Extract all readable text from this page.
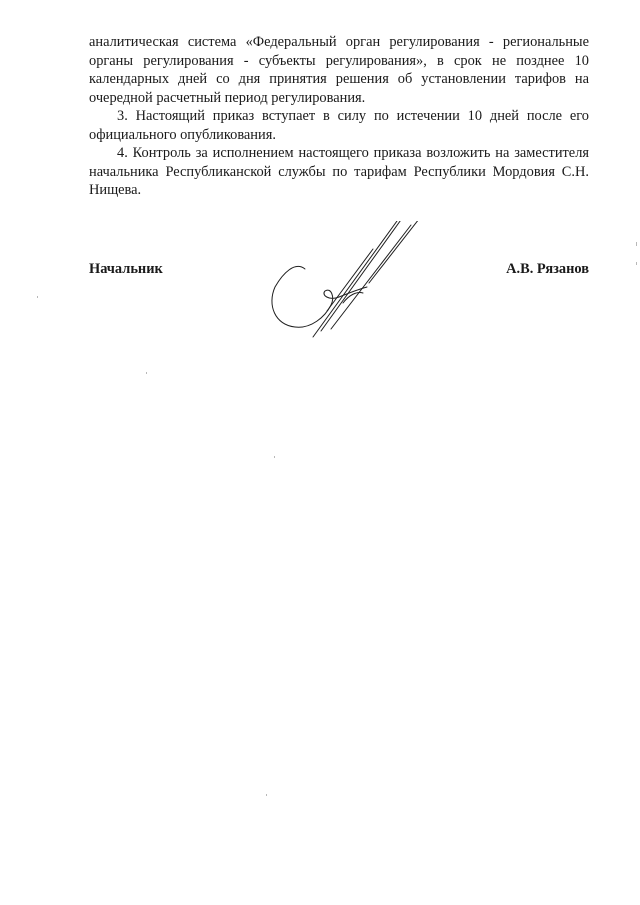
аналитическая система «Федеральный орган регулирования - региональные органы регулирования - субъекты регулирования», в срок не позднее 10 календарных дней со дня принятия решения об установлении тарифов на очередной расчетный период регулирования.

3. Настоящий приказ вступает в силу по истечении 10 дней после его официального опубликования.

4. Контроль за исполнением настоящего приказа возложить на заместителя начальника Республиканской службы по тарифам Республики Мордовия С.Н. Нищева.

Начальник	А.В. Рязанов
